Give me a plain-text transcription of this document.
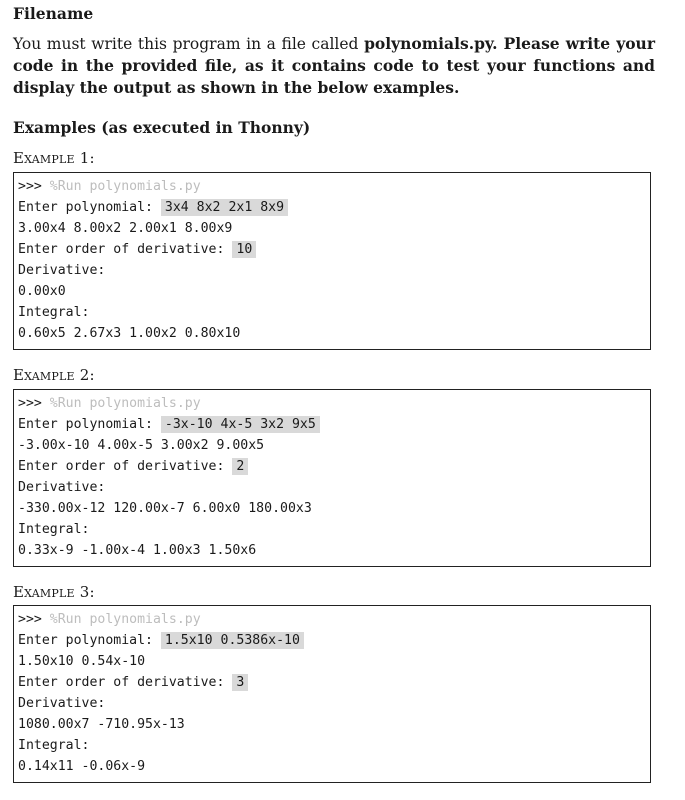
Filename
You must write this program in a file called polynomials.py. Please write your code in the provided file, as it contains code to test your functions and display the output as shown in the below examples.
Examples (as executed in Thonny)
Example 1:
>>> %Run polynomials.py
Enter polynomial: 3x4 8x2 2x1 8x9
3.00x4 8.00x2 2.00x1 8.00x9
Enter order of derivative: 10
Derivative:
0.00x0
Integral:
0.60x5 2.67x3 1.00x2 0.80x10
Example 2:
>>> %Run polynomials.py
Enter polynomial: -3x-10 4x-5 3x2 9x5
-3.00x-10 4.00x-5 3.00x2 9.00x5
Enter order of derivative: 2
Derivative:
-330.00x-12 120.00x-7 6.00x0 180.00x3
Integral:
0.33x-9 -1.00x-4 1.00x3 1.50x6
Example 3:
>>> %Run polynomials.py
Enter polynomial: 1.5x10 0.5386x-10
1.50x10 0.54x-10
Enter order of derivative: 3
Derivative:
1080.00x7 -710.95x-13
Integral:
0.14x11 -0.06x-9
